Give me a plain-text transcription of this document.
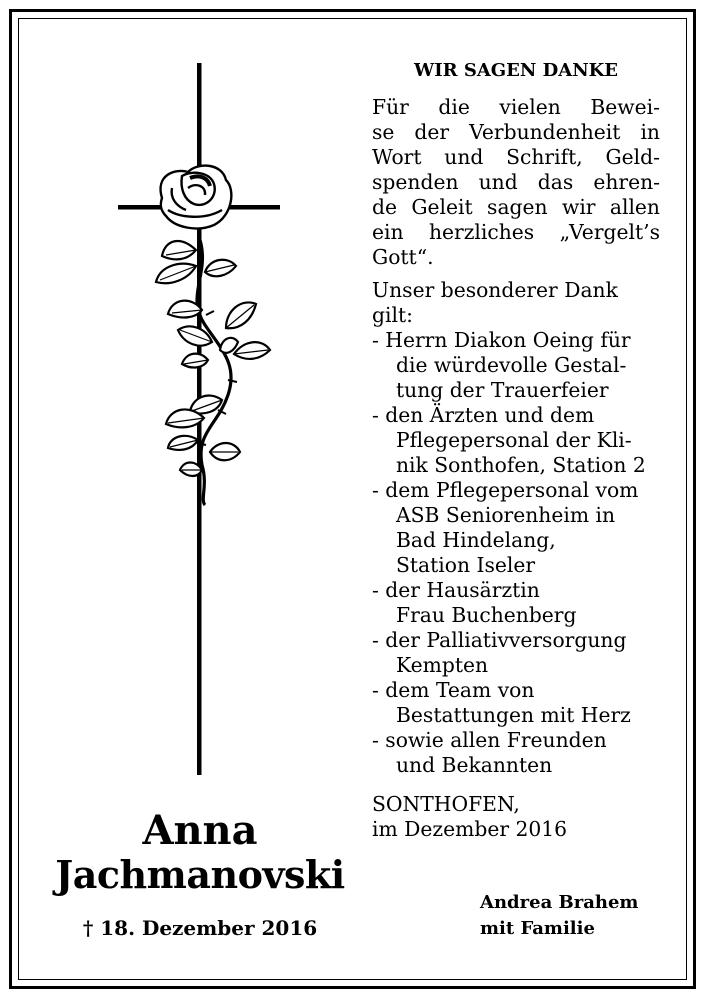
Anna
Jachmanovski
† 18. Dezember 2016
WIR SAGEN DANKE
Für die vielen Bewei-
se der Verbundenheit in
Wort und Schrift, Geld-
spenden und das ehren-
de Geleit sagen wir allen
ein herzliches „Vergelt’s
Gott“.
Unser besonderer Dank
gilt:
- Herrn Diakon Oeing für
die würdevolle Gestal-
tung der Trauerfeier
- den Ärzten und dem
Pflegepersonal der Kli-
nik Sonthofen, Station 2
- dem Pflegepersonal vom
ASB Seniorenheim in
Bad Hindelang,
Station Iseler
- der Hausärztin
Frau Buchenberg
- der Palliativversorgung
Kempten
- dem Team von
Bestattungen mit Herz
- sowie allen Freunden
und Bekannten
SONTHOFEN,
im Dezember 2016
Andrea Brahem
mit Familie
